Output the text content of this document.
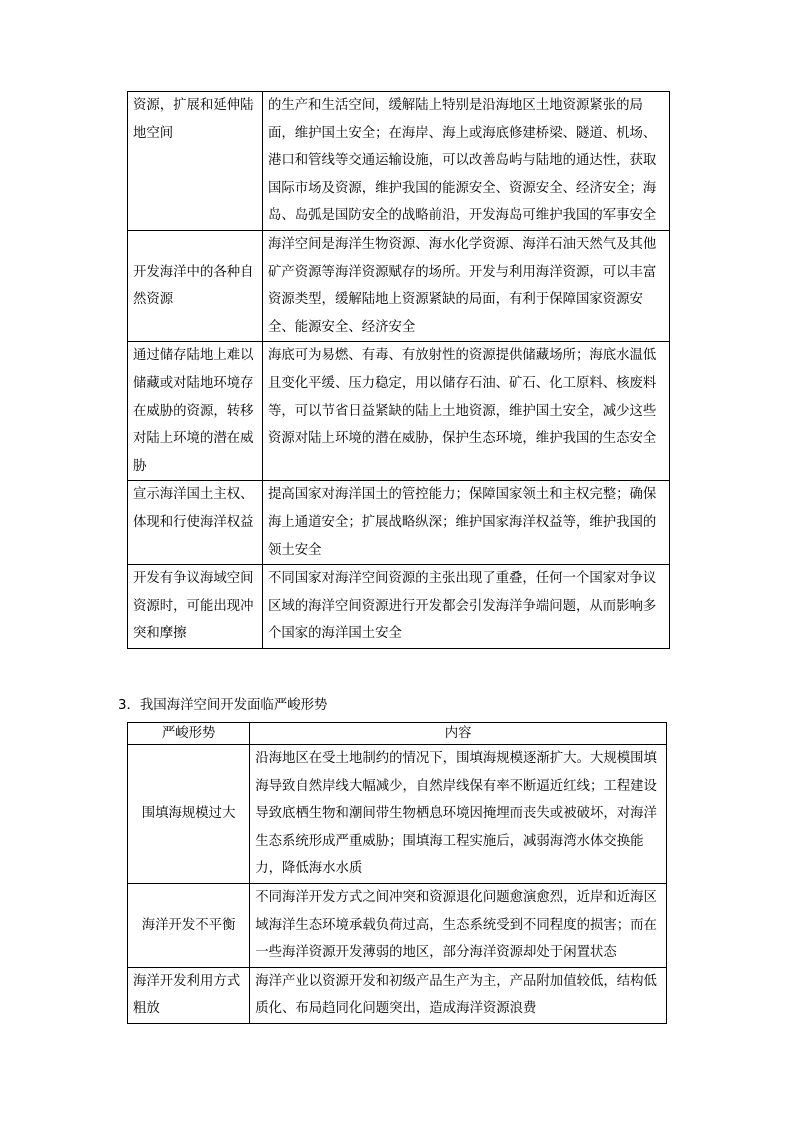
资源，扩展和延伸陆地空间	的生产和生活空间，缓解陆上特别是沿海地区土地资源紧张的局面，维护国土安全；在海岸、海上或海底修建桥梁、隧道、机场、港口和管线等交通运输设施，可以改善岛屿与陆地的通达性，获取国际市场及资源，维护我国的能源安全、资源安全、经济安全；海岛、岛弧是国防安全的战略前沿，开发海岛可维护我国的军事安全

开发海洋中的各种自然资源	海洋空间是海洋生物资源、海水化学资源、海洋石油天然气及其他矿产资源等海洋资源赋存的场所。开发与利用海洋资源，可以丰富资源类型，缓解陆地上资源紧缺的局面，有利于保障国家资源安全、能源安全、经济安全

通过储存陆地上难以储藏或对陆地环境存在威胁的资源，转移对陆上环境的潜在威胁	海底可为易燃、有毒、有放射性的资源提供储藏场所；海底水温低且变化平缓、压力稳定，用以储存石油、矿石、化工原料、核废料等，可以节省日益紧缺的陆上土地资源，维护国土安全，减少这些资源对陆上环境的潜在威胁，保护生态环境，维护我国的生态安全

宣示海洋国土主权、体现和行使海洋权益	提高国家对海洋国土的管控能力；保障国家领土和主权完整；确保海上通道安全；扩展战略纵深；维护国家海洋权益等，维护我国的领土安全

开发有争议海域空间资源时，可能出现冲突和摩擦	不同国家对海洋空间资源的主张出现了重叠，任何一个国家对争议区域的海洋空间资源进行开发都会引发海洋争端问题，从而影响多个国家的海洋国土安全
3．我国海洋空间开发面临严峻形势
严峻形势	内容

围填海规模过大	沿海地区在受土地制约的情况下，围填海规模逐渐扩大。大规模围填海导致自然岸线大幅减少，自然岸线保有率不断逼近红线；工程建设导致底栖生物和潮间带生物栖息环境因掩埋而丧失或被破坏，对海洋生态系统形成严重威胁；围填海工程实施后，减弱海湾水体交换能力，降低海水水质

海洋开发不平衡	不同海洋开发方式之间冲突和资源退化问题愈演愈烈，近岸和近海区域海洋生态环境承载负荷过高，生态系统受到不同程度的损害；而在一些海洋资源开发薄弱的地区，部分海洋资源却处于闲置状态

海洋开发利用方式粗放	海洋产业以资源开发和初级产品生产为主，产品附加值较低，结构低质化、布局趋同化问题突出，造成海洋资源浪费
